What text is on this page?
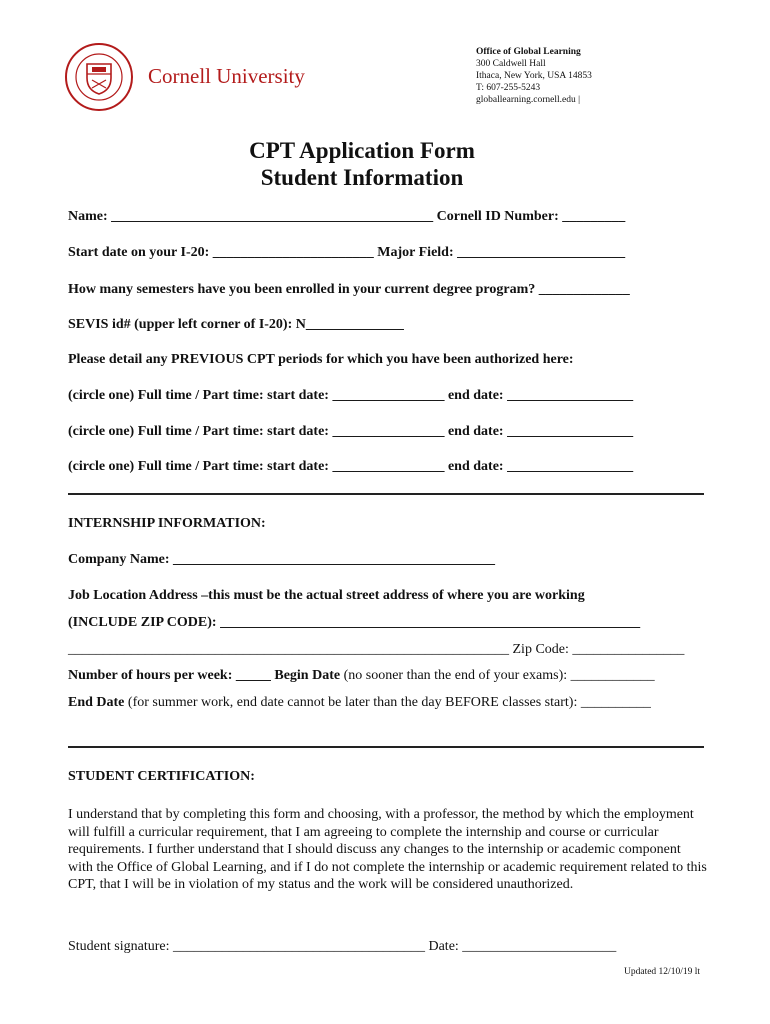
Cornell University
Office of Global Learning
300 Caldwell Hall
Ithaca, New York, USA 14853
T: 607-255-5243
globallearning.cornell.edu |
CPT Application Form
Student Information
Name: ______________________________________________ Cornell ID Number: _________
Start date on your I-20: _______________________ Major Field: ________________________
How many semesters have you been enrolled in your current degree program? _____________
SEVIS id# (upper left corner of I-20): N______________
Please detail any PREVIOUS CPT periods for which you have been authorized here:
(circle one) Full time / Part time: start date: ________________ end date: __________________
(circle one) Full time / Part time: start date: ________________ end date: __________________
(circle one) Full time / Part time: start date: ________________ end date: __________________
INTERNSHIP INFORMATION:
Company Name: ______________________________________________
Job Location Address –this must be the actual street address of where you are working
(INCLUDE ZIP CODE): ____________________________________________________________
_______________________________________________________________ Zip Code: ________________
Number of hours per week: _____ Begin Date (no sooner than the end of your exams): ____________
End Date (for summer work, end date cannot be later than the day BEFORE classes start): __________
STUDENT CERTIFICATION:
I understand that by completing this form and choosing, with a professor, the method by which the employment will fulfill a curricular requirement, that I am agreeing to complete the internship and course or curricular requirements. I further understand that I should discuss any changes to the internship or academic component with the Office of Global Learning, and if I do not complete the internship or academic requirement related to this CPT, that I will be in violation of my status and the work will be considered unauthorized.
Student signature: ____________________________________ Date: ______________________
Updated 12/10/19 lt
